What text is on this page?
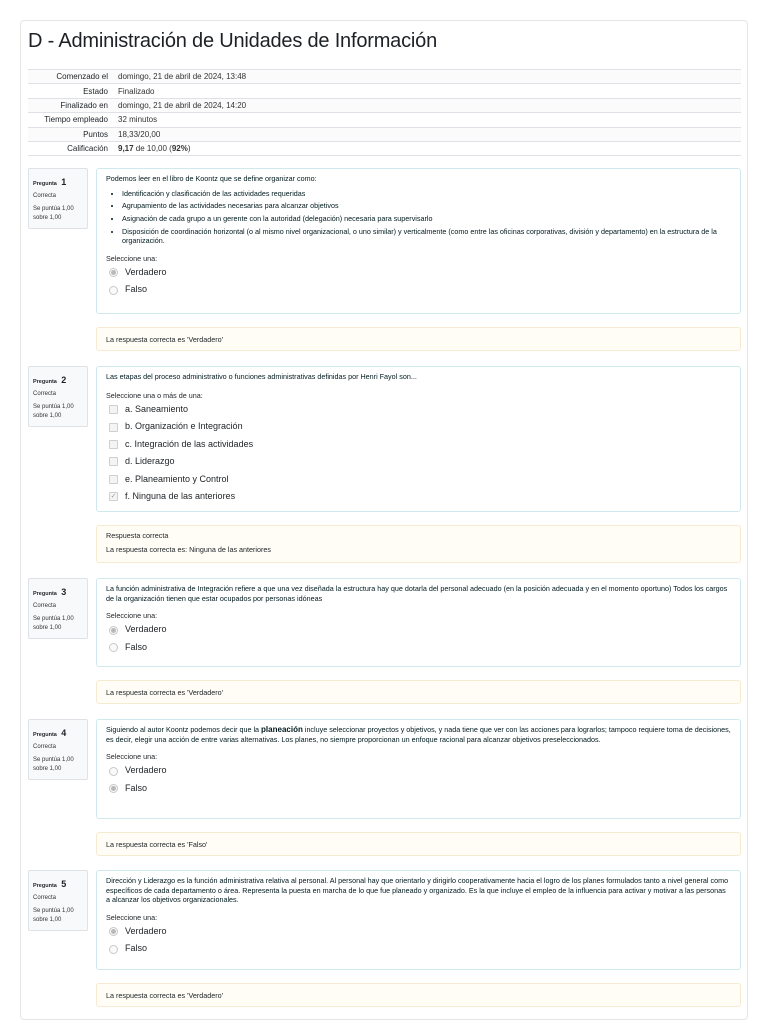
D - Administración de Unidades de Información
Comenzado el	domingo, 21 de abril de 2024, 13:48
Estado	Finalizado
Finalizado en	domingo, 21 de abril de 2024, 14:20
Tiempo empleado	32 minutos
Puntos	18,33/20,00
Calificación	9,17 de 10,00 (92%)
Pregunta 1
Correcta
Se puntúa 1,00 sobre 1,00

Podemos leer en el libro de Koontz que se define organizar como:

• Identificación y clasificación de las actividades requeridas
• Agrupamiento de las actividades necesarias para alcanzar objetivos
• Asignación de cada grupo a un gerente con la autoridad (delegación) necesaria para supervisarlo
• Disposición de coordinación horizontal (o al mismo nivel organizacional, o uno similar) y verticalmente (como entre las oficinas corporativas, división y departamento) en la estructura de la organización.
Seleccione una:
Verdadero
Falso

La respuesta correcta es 'Verdadero'

Pregunta 2
Correcta
Se puntúa 1,00 sobre 1,00

Las etapas del proceso administrativo o funciones administrativas definidas por Henri Fayol son...

Seleccione una o más de una:
a. Saneamiento
b. Organización e Integración
c. Integración de las actividades
d. Liderazgo
e. Planeamiento y Control
✓ f. Ninguna de las anteriores

Respuesta correcta

La respuesta correcta es: Ninguna de las anteriores

Pregunta 3
Correcta
Se puntúa 1,00 sobre 1,00

La función administrativa de Integración refiere a que una vez diseñada la estructura hay que dotarla del personal adecuado (en la posición adecuada y en el momento oportuno) Todos los cargos de la organización tienen que estar ocupados por personas idóneas

Seleccione una:
Verdadero
Falso

La respuesta correcta es 'Verdadero'

Pregunta 4
Correcta
Se puntúa 1,00 sobre 1,00

Siguiendo al autor Koontz podemos decir que la planeación incluye seleccionar proyectos y objetivos, y nada tiene que ver con las acciones para lograrlos; tampoco requiere toma de decisiones, es decir, elegir una acción de entre varias alternativas. Los planes, no siempre proporcionan un enfoque racional para alcanzar objetivos preseleccionados.

Seleccione una:
Verdadero
Falso

La respuesta correcta es 'Falso'

Pregunta 5
Correcta
Se puntúa 1,00 sobre 1,00

Dirección y Liderazgo es la función administrativa relativa al personal. Al personal hay que orientarlo y dirigirlo cooperativamente hacia el logro de los planes formulados tanto a nivel general como específicos de cada departamento o área. Representa la puesta en marcha de lo que fue planeado y organizado. Es la que incluye el empleo de la influencia para activar y motivar a las personas a alcanzar los objetivos organizacionales.

Seleccione una:
Verdadero
Falso

La respuesta correcta es 'Verdadero'
